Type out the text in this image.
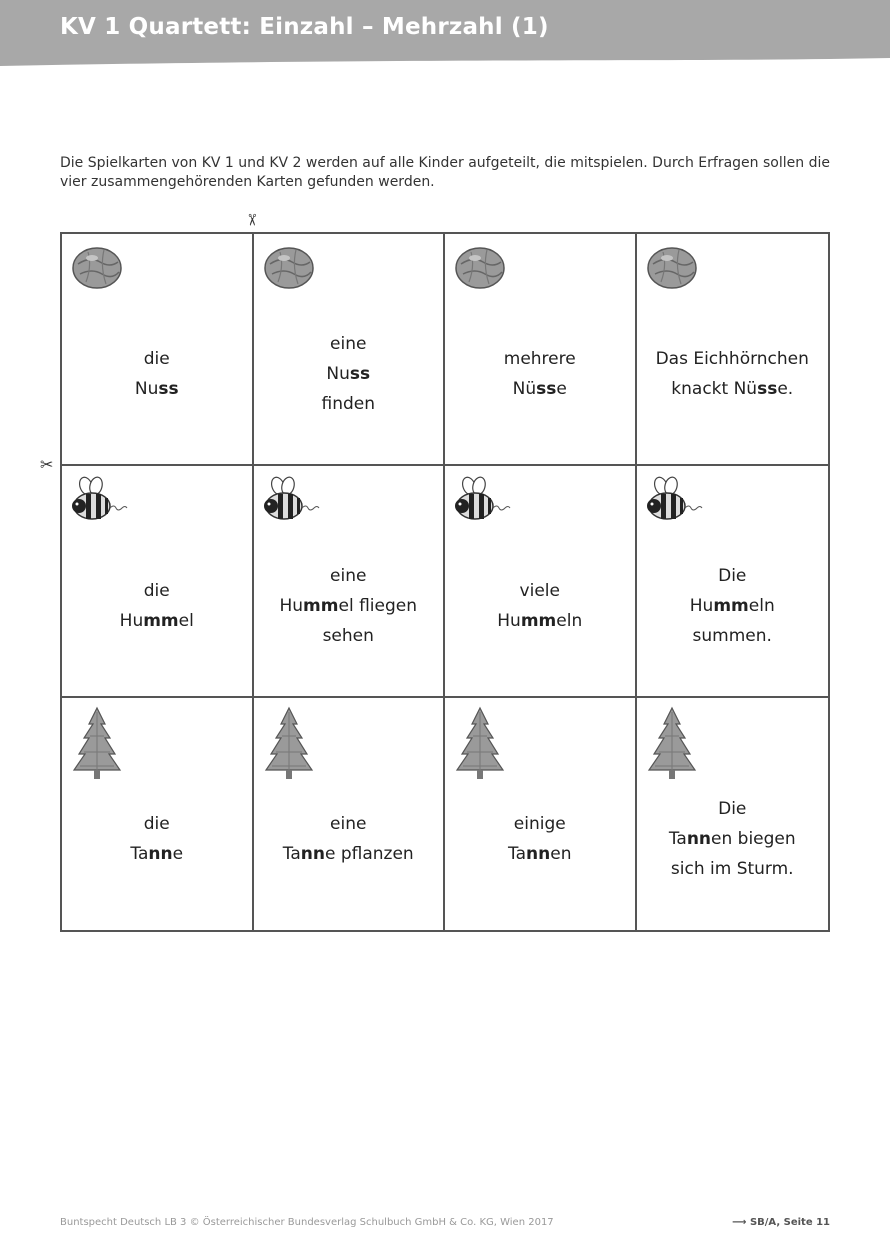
KV 1 Quartett: Einzahl – Mehrzahl (1)
Die Spielkarten von KV 1 und KV 2 werden auf alle Kinder aufgeteilt, die mitspielen. Durch Erfragen sollen die vier zusammengehörenden Karten gefunden werden.
✂
✂
die
Nuss
eine
Nuss
finden
mehrere
Nüsse
Das Eichhörnchen
knackt Nüsse.
die
Hummel
eine
Hummel fliegen
sehen
viele
Hummeln
Die
Hummeln
summen.
die
Tanne
eine
Tanne pflanzen
einige
Tannen
Die
Tannen biegen
sich im Sturm.
Buntspecht Deutsch LB 3 © Österreichischer Bundesverlag Schulbuch GmbH & Co. KG, Wien 2017	⟶ SB/A, Seite 11
